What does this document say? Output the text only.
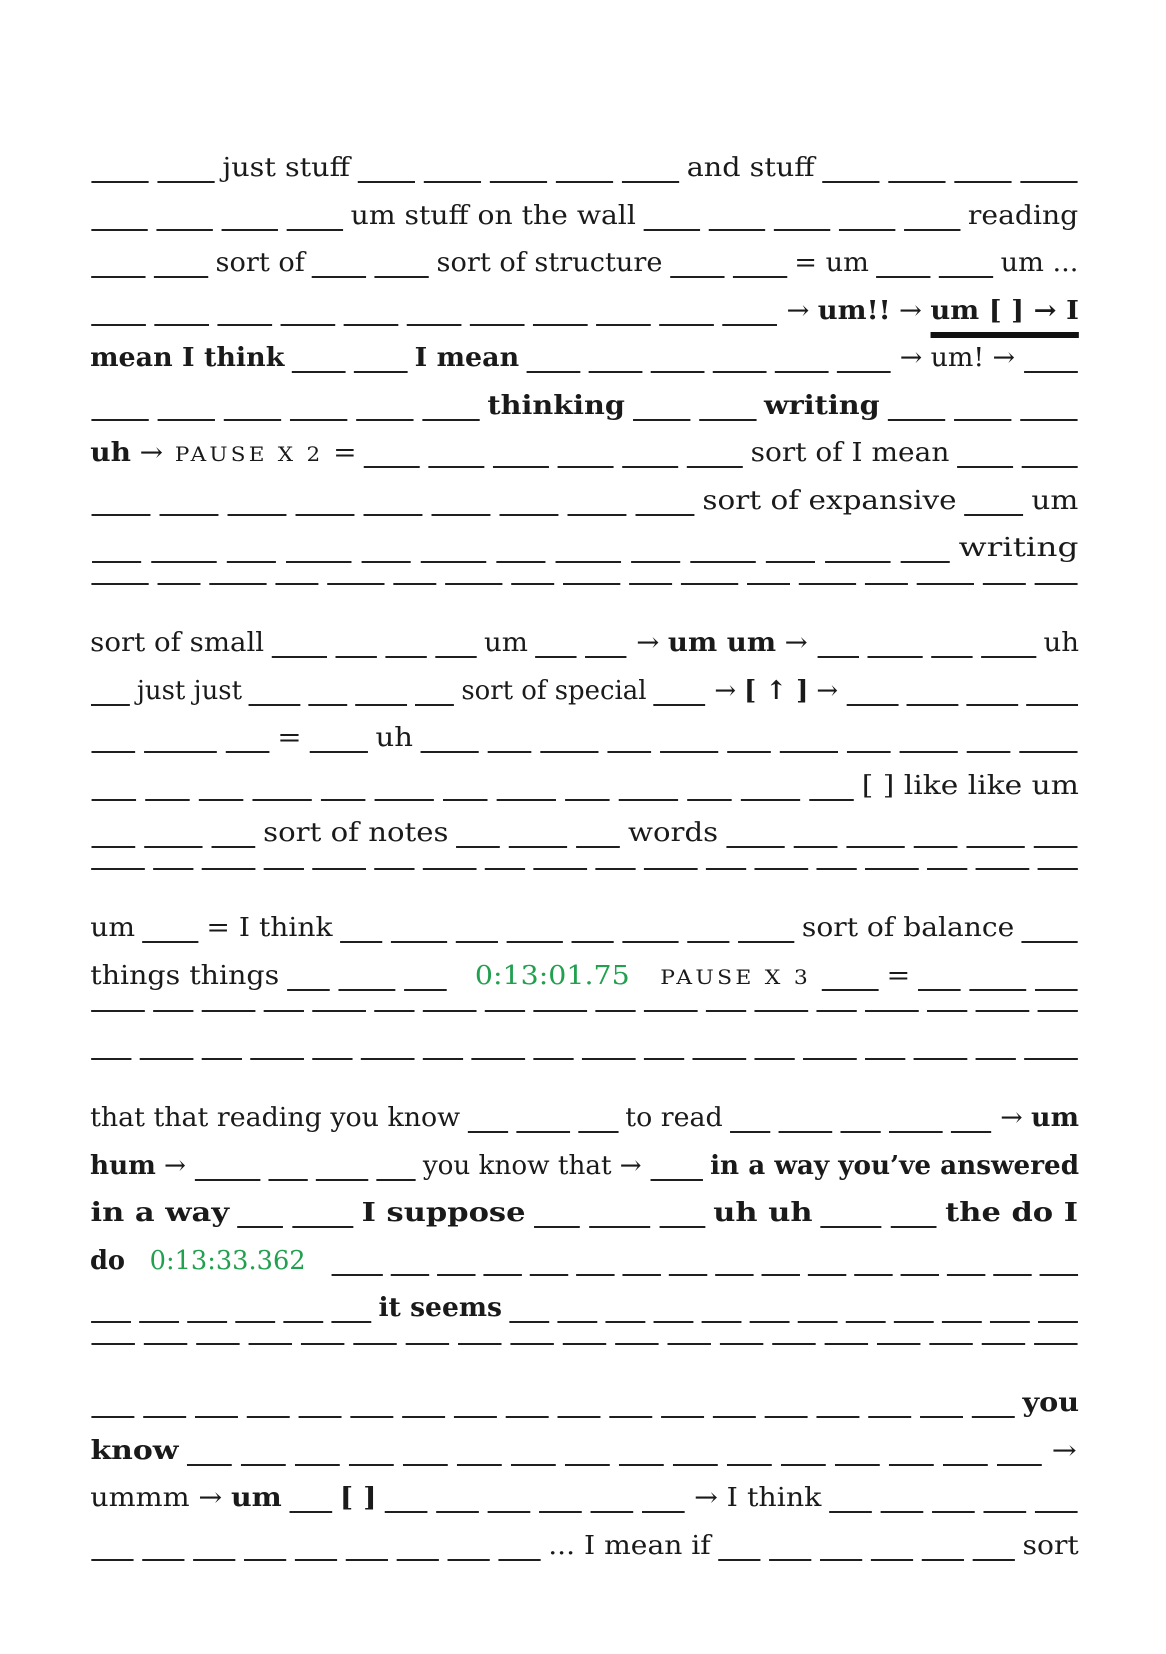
just stuff	and stuff
um stuff on the wall	reading
sort of	sort of structure	= um	um ...
→ um!! → um [ ] → I
mean I think	I mean	→ um! →
thinking	writing
uh → PAUSE X 2 =	sort of I mean
sort of expansive	um
writing
sort of small	um	→ um um →	uh
just just	sort of special	→ [ ↑ ] →
=	uh
[ ] like like um
sort of notes	words
um	= I think	sort of balance
things things	0:13:01.75 PAUSE X 3	=
that that reading you know	to read	→ um
hum →	you know that →	in a way you’ve answered
in a way	I suppose	uh uh	the do I
do 0:13:33.362
it seems
you
know	→
ummm → um [ ]	→ I think
... I mean if	sort
